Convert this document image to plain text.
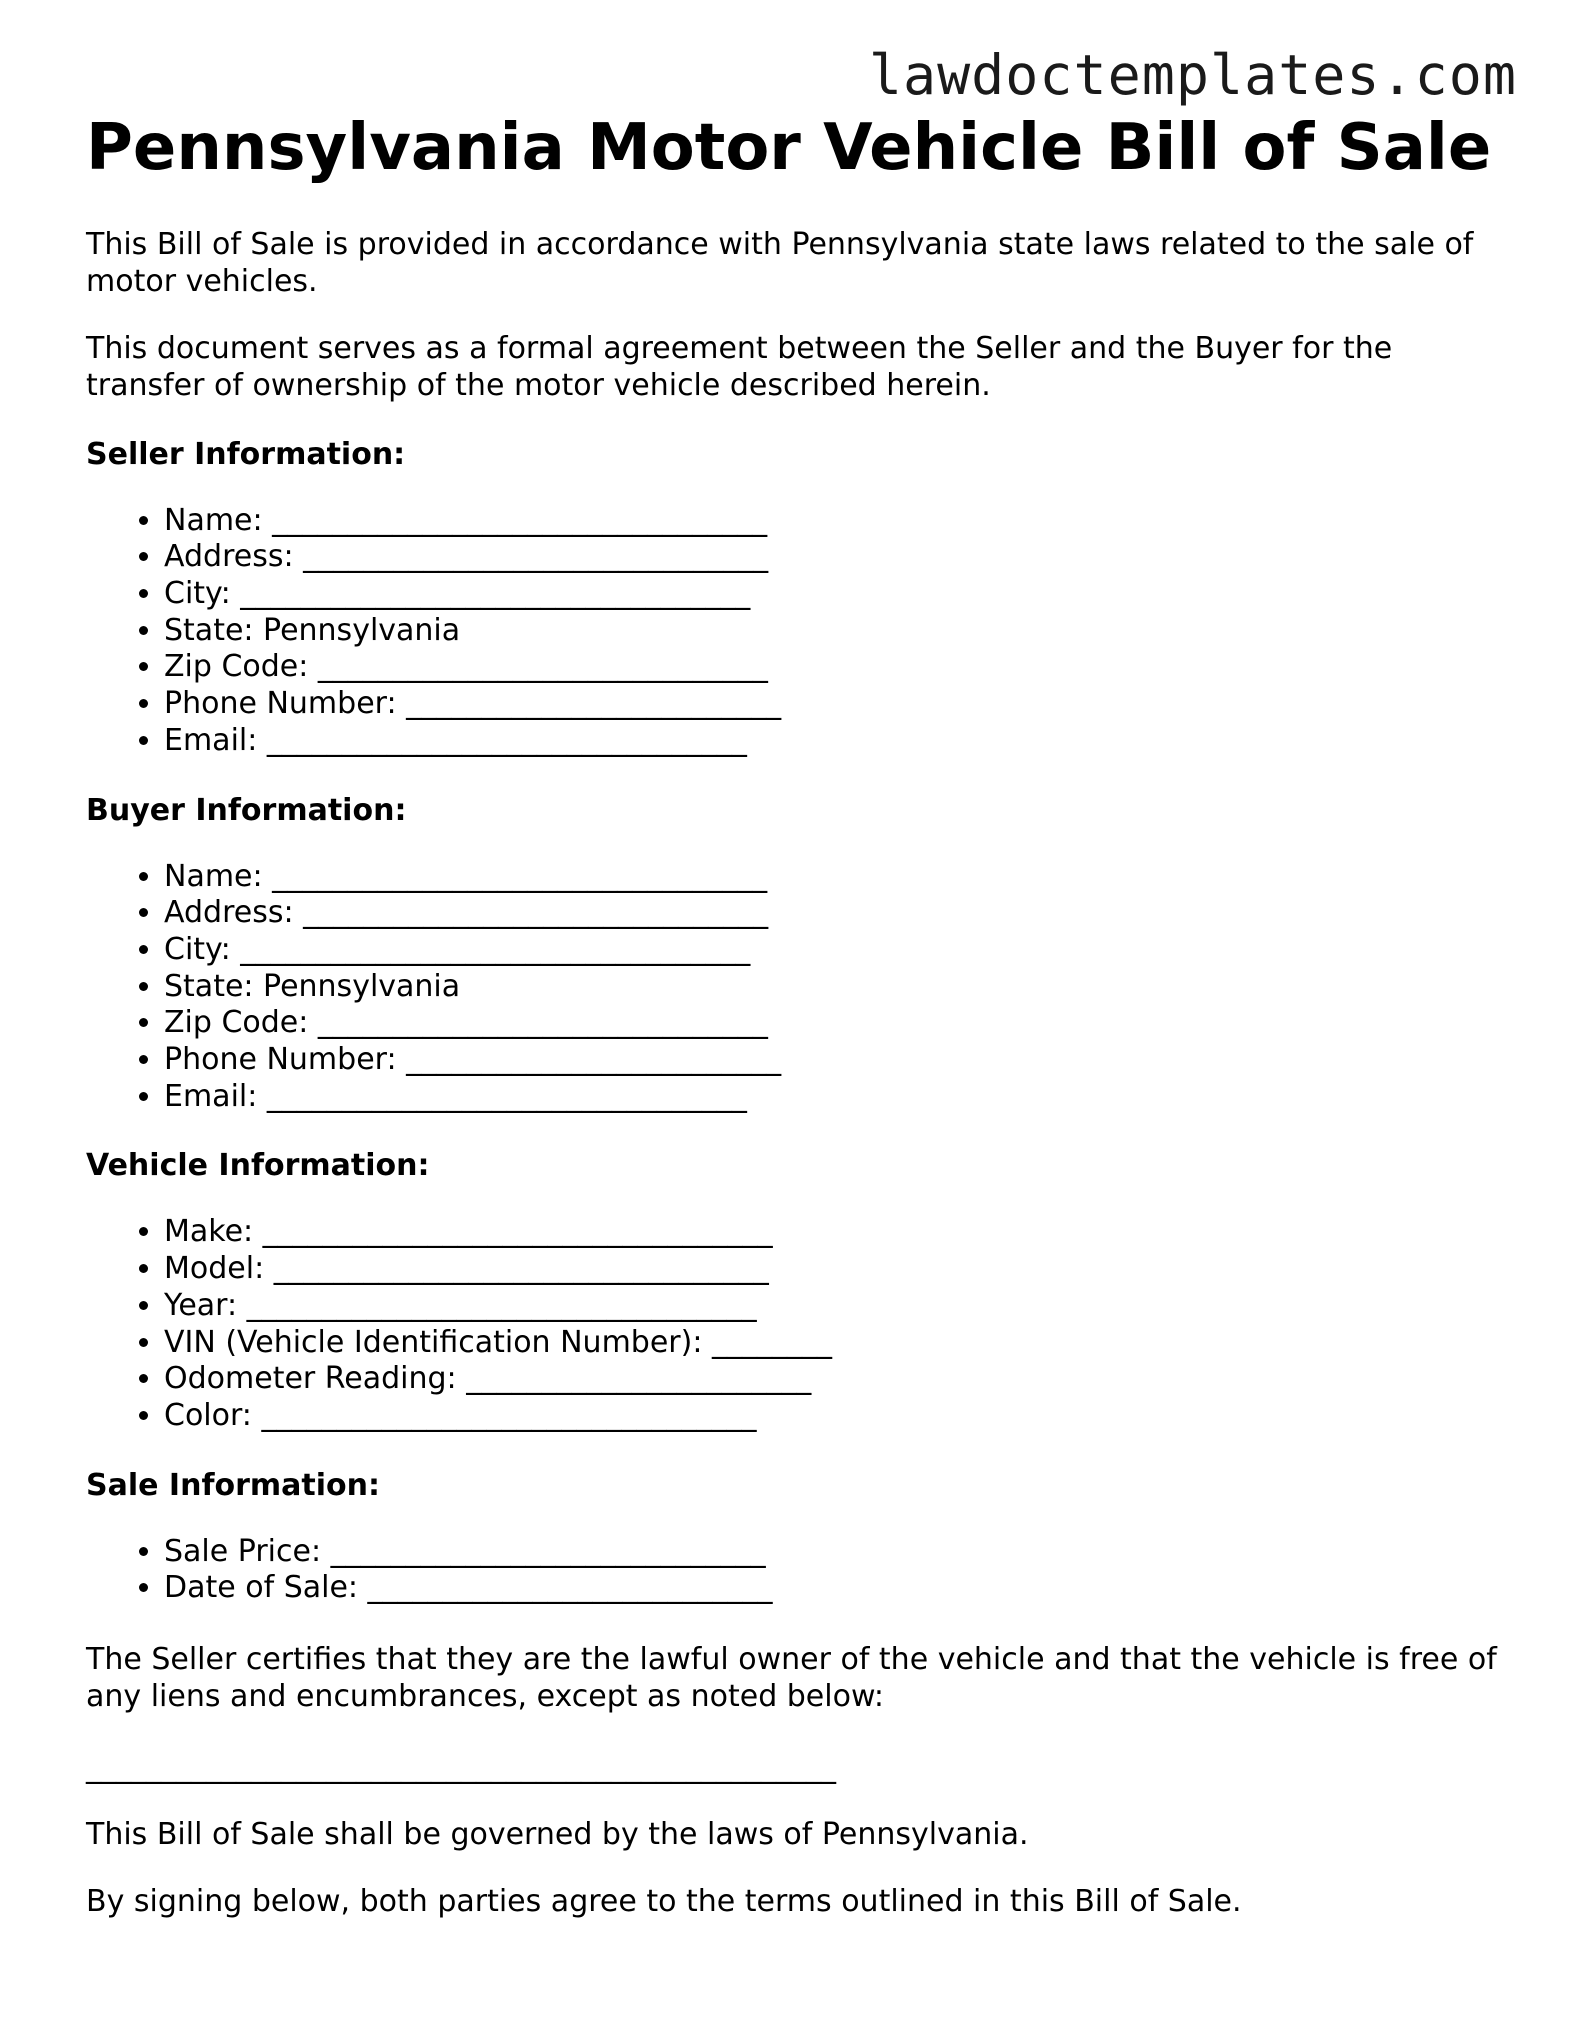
lawdoctemplates.com
Pennsylvania Motor Vehicle Bill of Sale

This Bill of Sale is provided in accordance with Pennsylvania state laws related to the sale of motor vehicles.

This document serves as a formal agreement between the Seller and the Buyer for the transfer of ownership of the motor vehicle described herein.

Seller Information:
• Name: _________________________________
• Address: _______________________________
• City: __________________________________
• State: Pennsylvania
• Zip Code: ______________________________
• Phone Number: _________________________
• Email: ________________________________
Buyer Information:
• Name: _________________________________
• Address: _______________________________
• City: __________________________________
• State: Pennsylvania
• Zip Code: ______________________________
• Phone Number: _________________________
• Email: ________________________________
Vehicle Information:
• Make: __________________________________
• Model: _________________________________
• Year: __________________________________
• VIN (Vehicle Identification Number): ________
• Odometer Reading: _______________________
• Color: _________________________________
Sale Information:
• Sale Price: _____________________________
• Date of Sale: ___________________________

The Seller certifies that they are the lawful owner of the vehicle and that the vehicle is free of any liens and encumbrances, except as noted below:

__________________________________________________

This Bill of Sale shall be governed by the laws of Pennsylvania.

By signing below, both parties agree to the terms outlined in this Bill of Sale.
